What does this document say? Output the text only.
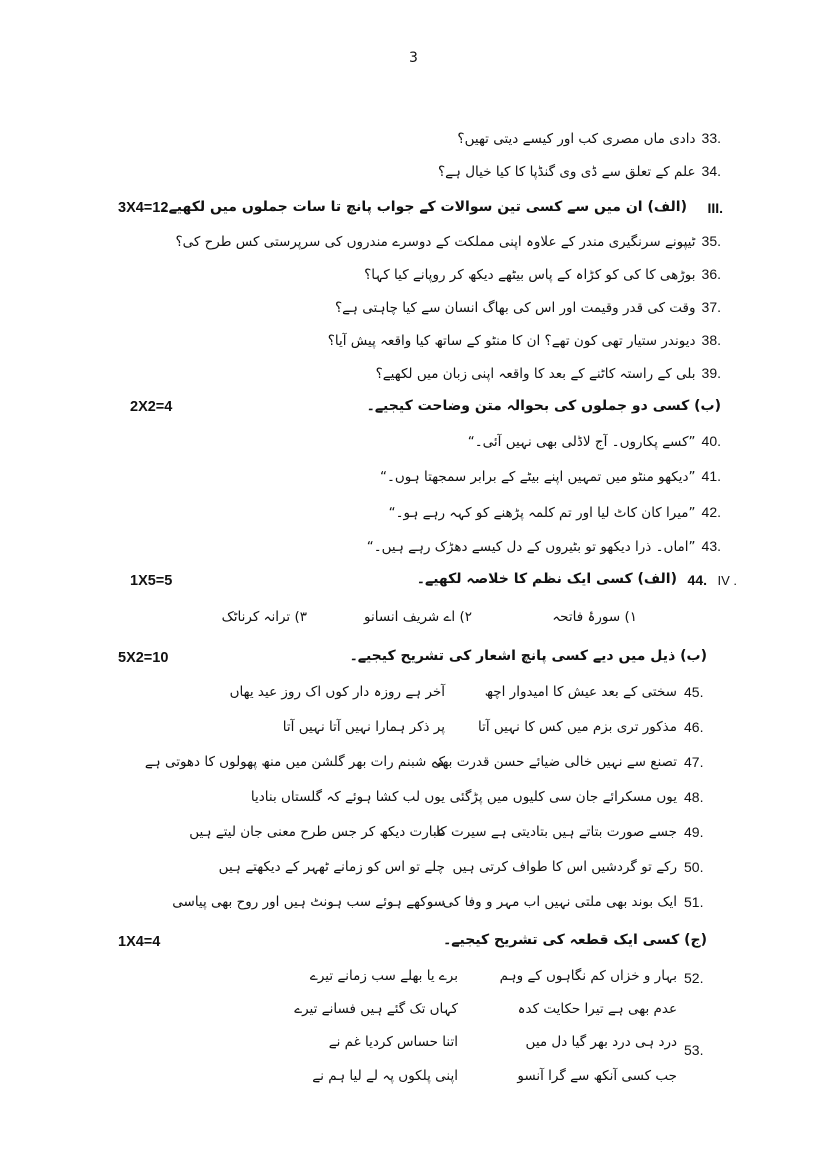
3
33.دادی ماں مصری کب اور کیسے دیتی تھیں؟
34.علم کے تعلق سے ڈی وی گنڈپا کا کیا خیال ہے؟
III.
(الف) ان میں سے کسی تین سوالات کے جواب پانچ تا سات جملوں میں لکھیے۔
3X4=12
35.ٹیپونے سرنگیری مندر کے علاوہ اپنی مملکت کے دوسرے مندروں کی سرپرستی کس طرح کی؟
36.بوڑھی کا کی کو کڑاہ کے پاس بیٹھے دیکھ کر روپانے کیا کہا؟
37.وقت کی قدر وقیمت اور اس کی بھاگ انسان سے کیا چاہتی ہے؟
38.دیوندر ستیار تھی کون تھے؟ ان کا منٹو کے ساتھ کیا واقعہ پیش آیا؟
39.بلی کے راستہ کاٹنے کے بعد کا واقعہ اپنی زبان میں لکھیے؟
(ب) کسی دو جملوں کی بحوالہ متن وضاحت کیجیے۔
2X2=4
40.”کسے پکاروں۔ آج لاڈلی بھی نہیں آئی۔“
41.”دیکھو منٹو میں تمہیں اپنے بیٹے کے برابر سمجھتا ہوں۔“
42.”میرا کان کاٹ لیا اور تم کلمہ پڑھنے کو کہہ رہے ہو۔“
43.”اماں۔ ذرا دیکھو تو بٹیروں کے دل کیسے دھڑک رہے ہیں۔“
IV .
44.
(الف) کسی ایک نظم کا خلاصہ لکھیے۔
1X5=5
۱) سورۂ فاتحہ
۲) اے شریف انسانو
۳) ترانہ کرناٹک
(ب) ذیل میں دیے کسی پانچ اشعار کی تشریح کیجیے۔
5X2=10
45.
سختی کے بعد عیش کا امیدوار اچھ
آخر ہے روزہ دار کوں اک روز عید یھاں
46.
مذکور تری بزم میں کس کا نہیں آتا
پر ذکر ہمارا نہیں آتا نہیں آتا
47.
تصنع سے نہیں خالی ضیائے حسن قدرت بھی
کہ شبنم رات بھر گلشن میں منھ پھولوں کا دھوتی ہے
48.
یوں مسکرائے جان سی کلیوں میں پڑگئی
یوں لب کشا ہوئے کہ گلستاں بنادیا
49.
جسے صورت بتاتے ہیں بتادیتی ہے سیرت کا
عبارت دیکھ کر جس طرح معنی جان لیتے ہیں
50.
رکے تو گردشیں اس کا طواف کرتی ہیں
چلے تو اس کو زمانے ٹھہر کے دیکھتے ہیں
51.
ایک بوند بھی ملتی نہیں اب مہر و وفا کی
سوکھے ہوئے سب ہونٹ ہیں اور روح بھی پیاسی
(ج) کسی ایک قطعہ کی تشریح کیجیے۔
1X4=4
52.
بہار و خزاں کم نگاہوں کے وہم
عدم بھی ہے تیرا حکایت کدہ
برے یا بھلے سب زمانے تیرے
کہاں تک گئے ہیں فسانے تیرے
53.
درد ہی درد بھر گیا دل میں
جب کسی آنکھ سے گرا آنسو
اتنا حساس کردیا غم نے
اپنی پلکوں پہ لے لیا ہم نے
